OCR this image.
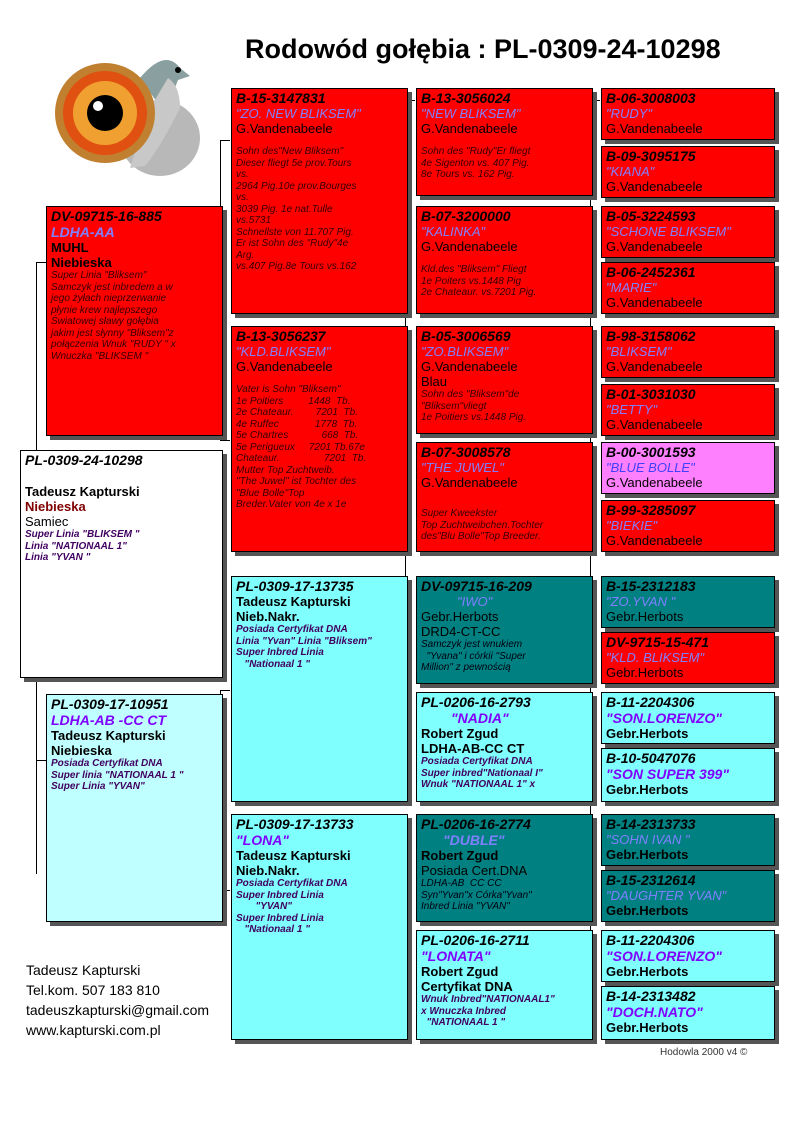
Rodowód gołębia : PL-0309-24-10298
PL-0309-24-10298
Tadeusz Kapturski
Niebieska
Samiec
Super Linia "BLIKSEM "
Linia "NATIONAAL 1"
Linia "YVAN "
DV-09715-16-885
LDHA-AA
MUHL
Niebieska
Super Linia "Bliksem"
Samczyk jest inbredem a w
jego żyłach nieprzerwanie
płynie krew najlepszego
Światowej sławy gołębia
jakim jest słynny "Bliksem"z
połączenia Wnuk "RUDY " x
Wnuczka "BLIKSEM "
PL-0309-17-10951
LDHA-AB -CC CT
Tadeusz Kapturski
Niebieska
Posiada Certyfikat DNA
Super linia "NATIONAAL 1 "
Super Linia "YVAN"
B-15-3147831
"ZO. NEW BLIKSEM"
G.Vandenabeele
Sohn des"New Bliksem"
Dieser fliegt 5e prov.Tours
vs.
2964 Pig.10e prov.Bourges
vs.
3039 Pig. 1e nat.Tulle
vs.5731
Schnellste von 11.707 Pig.
Er ist Sohn des "Rudy"4e
Arg.
vs.407 Pig.8e Tours vs.162
B-13-3056237
"KLD.BLIKSEM"
G.Vandenabeele
Vater is Sohn "Bliksem"
1e Poitiers         1448  Tb.
2e Chateaur.        7201  Tb.
4e Ruffec             1778  Tb.
5e Chartres            668  Tb.
5e Perigueux     7201 Tb.67e
Chateaur.                7201  Tb.
Mutter Top Zuchtweib.
"The Juwel" ist Tochter des
"Blue Bolle"Top
Breder.Vater von 4e x 1e
PL-0309-17-13735
Tadeusz Kapturski
Nieb.Nakr.
Posiada Certyfikat DNA
Linia "Yvan" Linia "Bliksem"
Super Inbred Linia
"Nationaal 1 "
PL-0309-17-13733
"LONA"
Tadeusz Kapturski
Nieb.Nakr.
Posiada Certyfikat DNA
Super Inbred Linia
"YVAN"
Super Inbred Linia
"Nationaal 1 "
B-13-3056024
"NEW BLIKSEM"
G.Vandenabeele
Sohn des "Rudy"Er fliegt
4e Sigenton vs. 407 Pig.
8e Tours vs. 162 Pig.
B-07-3200000
"KALINKA"
G.Vandenabeele
Kld.des "Bliksem" Fliegt
1e Poiters vs.1448 Pig
2e Chateaur. vs.7201 Pig.
B-05-3006569
"ZO.BLIKSEM"
G.Vandenabeele
Blau
Sohn des "Bliksem"de
"Bliksem"vliegt
1e Poitiers vs.1448 Pig.
B-07-3008578
"THE JUWEL"
G.Vandenabeele
Super Kweekster
Top Zuchtweibchen.Tochter
des"Blu Bolle"Top Breeder.
DV-09715-16-209
"IWO"
Gebr.Herbots
DRD4-CT-CC
Samczyk jest wnukiem
"Yvana" i córkii "Super
Million" z pewnością
PL-0206-16-2793
"NADIA"
Robert Zgud
LDHA-AB-CC CT
Posiada Certyfikat DNA
Super inbred"Nationaal I"
Wnuk "NATIONAAL 1" x
PL-0206-16-2774
"DUBLE"
Robert Zgud
Posiada Cert.DNA
LDHA-AB  CC CC
Syn"Yvan"x Córka"Yvan"
Inbred Linia "YVAN"
PL-0206-16-2711
"LONATA"
Robert Zgud
Certyfikat DNA
Wnuk Inbred"NATIONAAL1"
x Wnuczka Inbred
"NATIONAAL 1 "
B-06-3008003
"RUDY"
G.Vandenabeele
B-09-3095175
"KIANA"
G.Vandenabeele
B-05-3224593
"SCHONE BLIKSEM"
G.Vandenabeele
B-06-2452361
"MARIE"
G.Vandenabeele
B-98-3158062
"BLIKSEM"
G.Vandenabeele
B-01-3031030
"BETTY"
G.Vandenabeele
B-00-3001593
"BLUE BOLLE"
G.Vandenabeele
B-99-3285097
"BIEKIE"
G.Vandenabeele
B-15-2312183
"ZO.YVAN "
Gebr.Herbots
DV-9715-15-471
"KLD. BLIKSEM"
Gebr.Herbots
B-11-2204306
"SON.LORENZO"
Gebr.Herbots
B-10-5047076
"SON SUPER 399"
Gebr.Herbots
B-14-2313733
"SOHN IVAN "
Gebr.Herbots
B-15-2312614
"DAUGHTER YVAN"
Gebr.Herbots
B-11-2204306
"SON.LORENZO"
Gebr.Herbots
B-14-2313482
"DOCH.NATO"
Gebr.Herbots
Tadeusz Kapturski
Tel.kom. 507 183 810
tadeuszkapturski@gmail.com
www.kapturski.com.pl
Hodowla 2000 v4 ©
